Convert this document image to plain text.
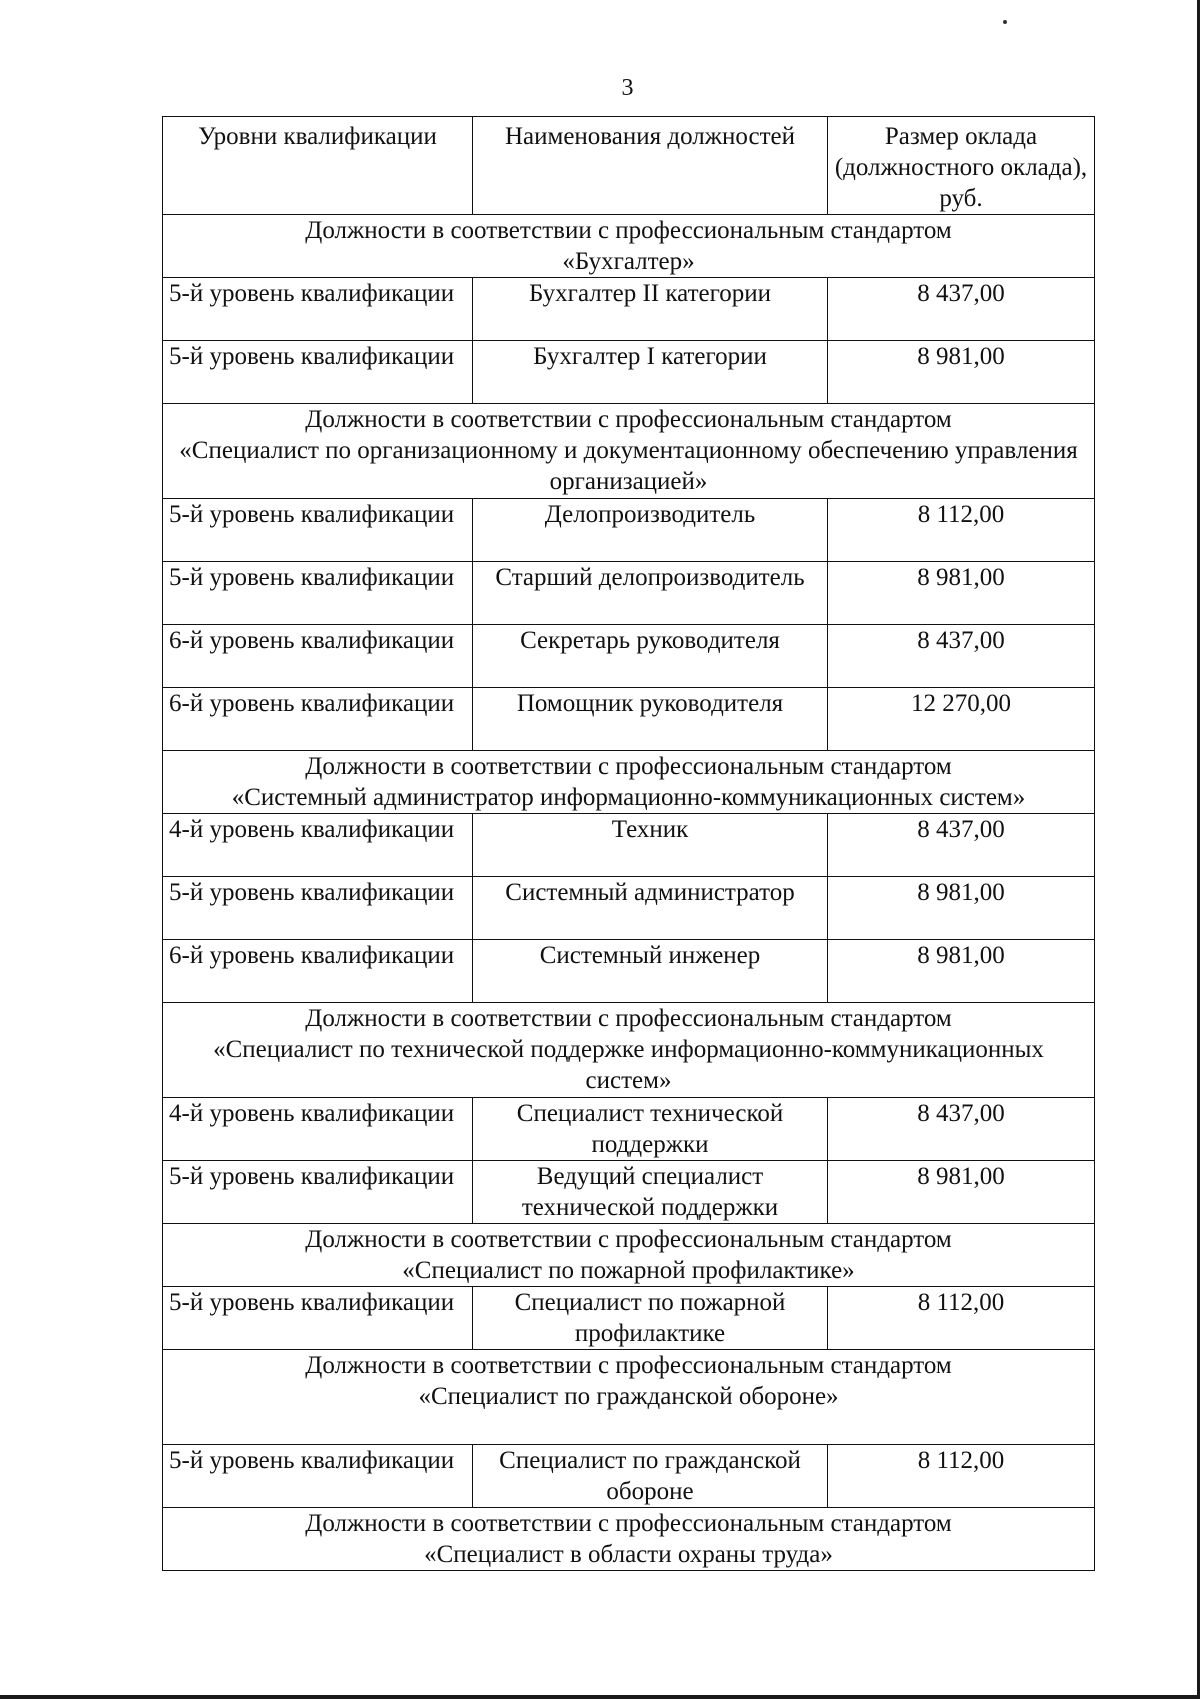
3
Уровни квалификации	Наименования должностей	Размер оклада (должностного оклада), руб.

Должности в соответствии с профессиональным стандартом
«Бухгалтер»		

5-й уровень квалификации	Бухгалтер II категории	8 437,00
5-й уровень квалификации	Бухгалтер I категории	8 981,00

Должности в соответствии с профессиональным стандартом
«Специалист по организационному и документационному обеспечению управления организацией»		

5-й уровень квалификации	Делопроизводитель	8 112,00
5-й уровень квалификации	Старший делопроизводитель	8 981,00
6-й уровень квалификации	Секретарь руководителя	8 437,00
6-й уровень квалификации	Помощник руководителя	12 270,00

Должности в соответствии с профессиональным стандартом
«Системный администратор информационно-коммуникационных систем»		

4-й уровень квалификации	Техник	8 437,00
5-й уровень квалификации	Системный администратор	8 981,00
6-й уровень квалификации	Системный инженер	8 981,00

Должности в соответствии с профессиональным стандартом
«Специалист по технической поддержке информационно-коммуникационных систем»		

4-й уровень квалификации	Специалист технической поддержки	8 437,00
5-й уровень квалификации	Ведущий специалист технической поддержки	8 981,00

Должности в соответствии с профессиональным стандартом
«Специалист по пожарной профилактике»		

5-й уровень квалификации	Специалист по пожарной профилактике	8 112,00

Должности в соответствии с профессиональным стандартом
«Специалист по гражданской обороне»		

5-й уровень квалификации	Специалист по гражданской обороне	8 112,00

Должности в соответствии с профессиональным стандартом
«Специалист в области охраны труда»		
